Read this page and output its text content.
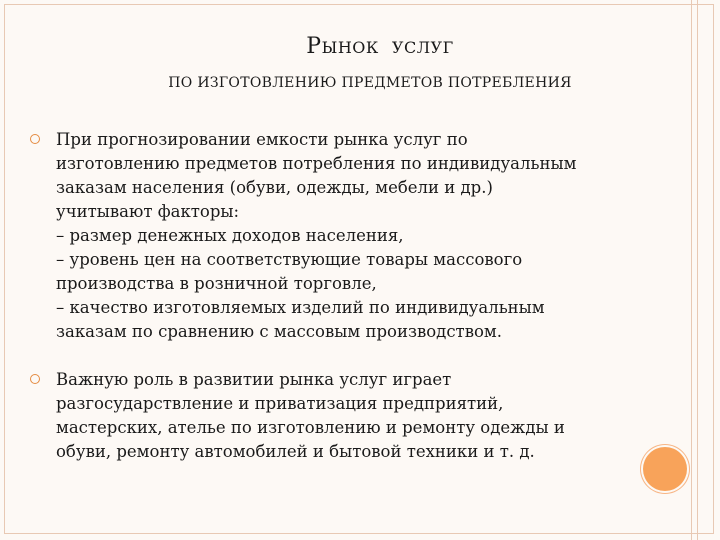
РЫНОК УСЛУГ
ПО ИЗГОТОВЛЕНИЮ ПРЕДМЕТОВ ПОТРЕБЛЕНИЯ
При прогнозировании емкости рынка услуг по
изготовлению предметов потребления по индивидуальным
заказам населения (обуви, одежды, мебели и др.)
учитывают факторы:
– размер денежных доходов населения,
– уровень цен на соответствующие товары массового
производства в розничной торговле,
– качество изготовляемых изделий по индивидуальным
заказам по сравнению с массовым производством.
Важную роль в развитии рынка услуг играет
разгосударствление и приватизация предприятий,
мастерских, ателье по изготовлению и ремонту одежды и
обуви, ремонту автомобилей и бытовой техники и т. д.
